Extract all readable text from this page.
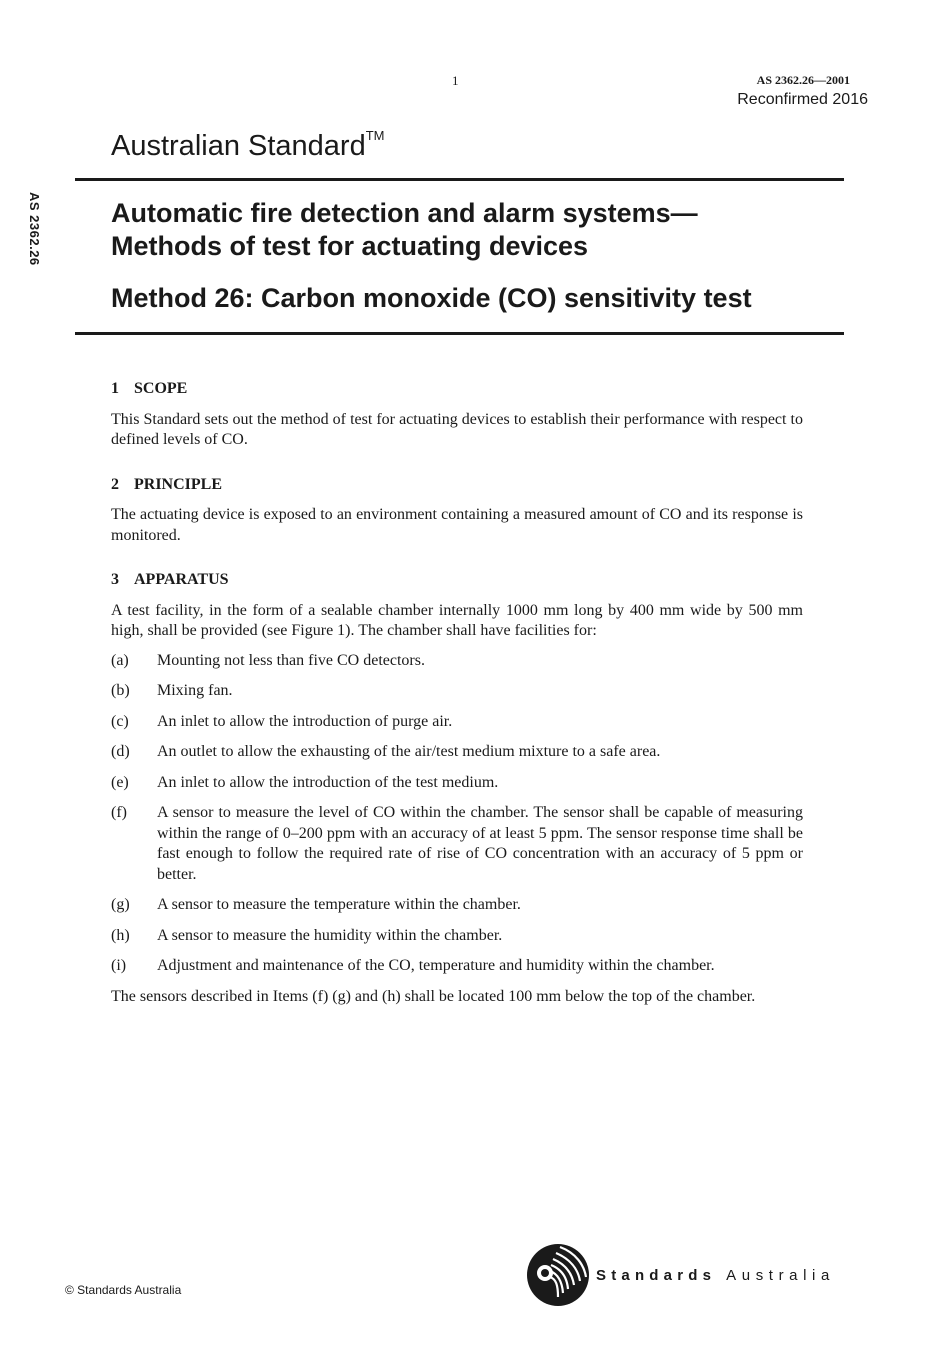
1	AS 2362.26—2001
Reconfirmed 2016
AS 2362.26
Australian Standard™
Automatic fire detection and alarm systems—
Methods of test for actuating devices
Method 26: Carbon monoxide (CO) sensitivity test
1 SCOPE

This Standard sets out the method of test for actuating devices to establish their performance with respect to defined levels of CO.

2 PRINCIPLE

The actuating device is exposed to an environment containing a measured amount of CO and its response is monitored.

3 APPARATUS

A test facility, in the form of a sealable chamber internally 1000 mm long by 400 mm wide by 500 mm high, shall be provided (see Figure 1). The chamber shall have facilities for:

(a)	Mounting not less than five CO detectors.
(b)	Mixing fan.
(c)	An inlet to allow the introduction of purge air.
(d)	An outlet to allow the exhausting of the air/test medium mixture to a safe area.
(e)	An inlet to allow the introduction of the test medium.
(f)	A sensor to measure the level of CO within the chamber. The sensor shall be capable of measuring within the range of 0–200 ppm with an accuracy of at least 5 ppm. The sensor response time shall be fast enough to follow the required rate of rise of CO concentration with an accuracy of 5 ppm or better.
(g)	A sensor to measure the temperature within the chamber.
(h)	A sensor to measure the humidity within the chamber.
(i)	Adjustment and maintenance of the CO, temperature and humidity within the chamber.

The sensors described in Items (f) (g) and (h) shall be located 100 mm below the top of the chamber.

© Standards Australia
Standards Australia
